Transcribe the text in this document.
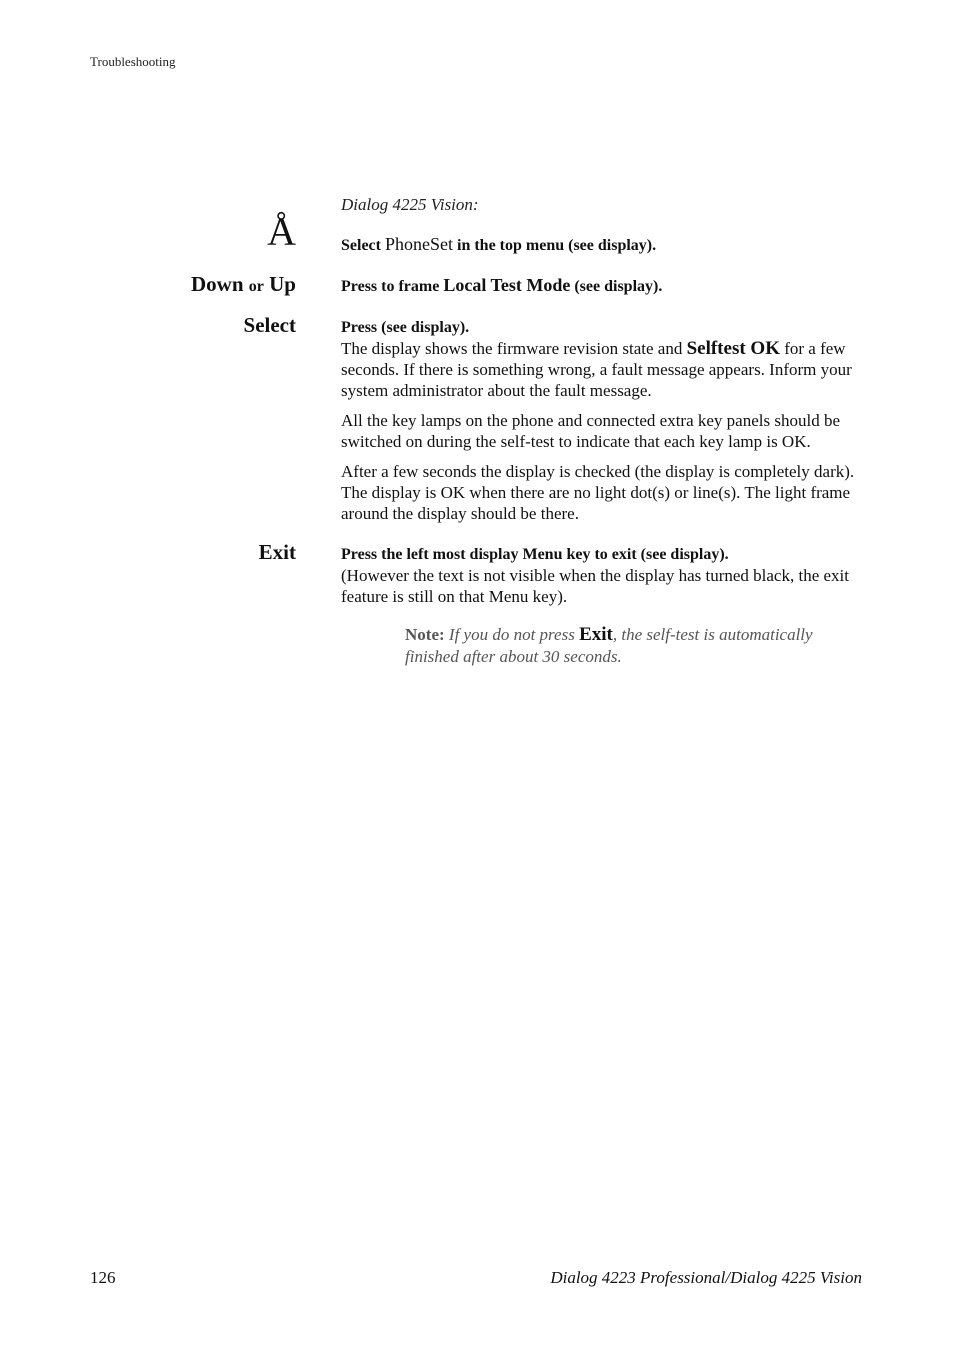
Troubleshooting
Dialog 4225 Vision:
Å	Select PhoneSet in the top menu (see display).
Down or Up	Press to frame Local Test Mode (see display).
Select	Press (see display).

The display shows the firmware revision state and Selftest OK for a few seconds. If there is something wrong, a fault message appears. Inform your system administrator about the fault message.

All the key lamps on the phone and connected extra key panels should be switched on during the self-test to indicate that each key lamp is OK.

After a few seconds the display is checked (the display is completely dark). The display is OK when there are no light dot(s) or line(s). The light frame around the display should be there.

Exit	Press the left most display Menu key to exit (see display).

(However the text is not visible when the display has turned black, the exit feature is still on that Menu key).

Note: If you do not press Exit, the self-test is automatically finished after about 30 seconds.
126	Dialog 4223 Professional/Dialog 4225 Vision
